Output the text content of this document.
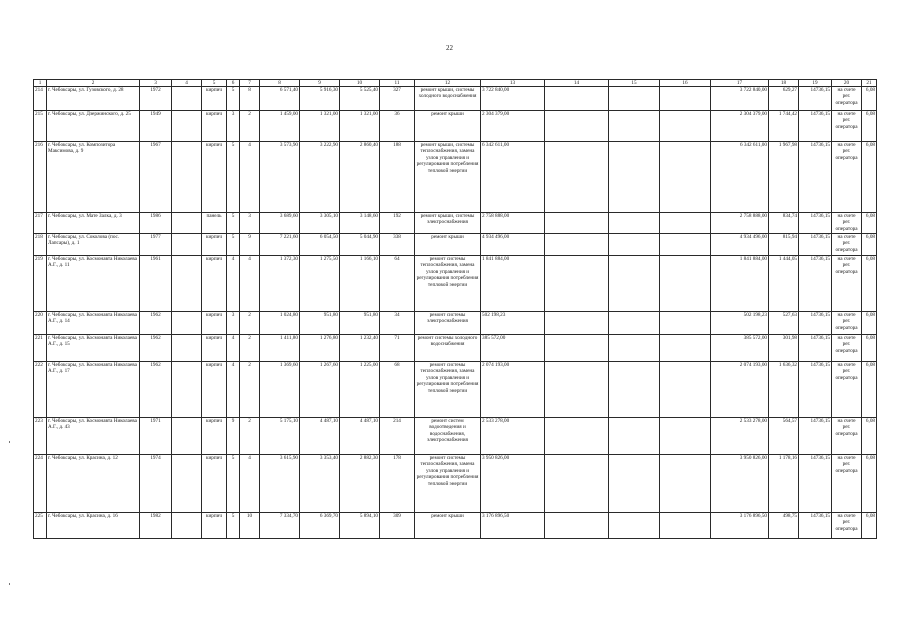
22
1	2	3	4	5	6	7	8	9	10	11	12	13	14	15	16	17	18	19	20	21
214	г. Чебоксары, ул. Гузовского, д. 28	1972		кирпич	5	8	6 571,40	5 916,30	5 525,40	327	ремонт крыши, системы холодного водоснабжения	3 722 840,00				3 722 840,00	629,27	14736,15	на счете рег. оператора	6,08
215	г. Чебоксары, ул. Дзержинского, д. 25	1949		кирпич	3	2	1 459,00	1 321,00	1 321,00	36	ремонт крыши	2 304 379,00				2 304 379,00	1 744,42	14736,15	на счете рег. оператора	6,08
216	г. Чебоксары, ул. Композитора Максимова, д. 9	1967		кирпич	5	4	3 573,90	3 222,90	2 860,40	188	ремонт крыши, системы теплоснабжения, замена узлов управления и регулирования потребления тепловой энергии	6 342 611,00				6 342 611,00	1 967,98	14736,15	на счете рег. оператора	6,08
217	г. Чебоксары, ул. Мате Залка, д. 3	1986		панель	5	3	3 689,60	3 305,10	3 148,60	192	ремонт крыши, системы электроснабжения	2 758 888,00				2 758 888,00	834,74	14736,15	на счете рег. оператора	6,08
218	г. Чебоксары, ул. Соколова (пос. Лапсары), д. 1	1977		кирпич	5	9	7 221,60	6 054,50	5 044,90	338	ремонт крыши	4 934 496,00				4 934 496,00	815,94	14736,15	на счете рег. оператора	6,08
219	г. Чебоксары, ул. Космонавта Николаева А.Г., д. 11	1961		кирпич	4	4	1 372,30	1 275,50	1 166,10	64	ремонт системы теплоснабжения, замена узлов управления и регулирования потребления тепловой энергии	1 841 884,00				1 841 884,00	1 444,05	14736,15	на счете рег. оператора	6,08
220	г. Чебоксары, ул. Космонавта Николаева А.Г., д. 14	1962		кирпич	3	2	1 024,80	951,80	951,80	34	ремонт системы электроснабжения	502 198,23				502 198,23	527,63	14736,15	на счете рег. оператора	6,08
221	г. Чебоксары, ул. Космонавта Николаева А.Г., д. 15	1962		кирпич	4	2	1 411,80	1 276,80	1 232,40	71	ремонт системы холодного водоснабжения	385 572,00				385 572,00	301,98	14736,15	на счете рег. оператора	6,08
222	г. Чебоксары, ул. Космонавта Николаева А.Г., д. 17	1962		кирпич	4	2	1 369,60	1 267,60	1 225,00	68	ремонт системы теплоснабжения, замена узлов управления и регулирования потребления тепловой энергии	2 074 193,00				2 074 193,00	1 636,32	14736,15	на счете рег. оператора	6,08
223	г. Чебоксары, ул. Космонавта Николаева А.Г., д. 43	1971		кирпич	9	2	5 175,10	4 487,10	4 487,10	214	ремонт систем водоотведения и водоснабжения, электроснабжения	2 533 278,00				2 533 278,00	564,57	14736,15	на счете рег. оператора	6,08
224	г. Чебоксары, ул. Красина, д. 12	1974		кирпич	5	4	3 615,90	3 353,40	2 882,30	178	ремонт системы теплоснабжения, замена узлов управления и регулирования потребления тепловой энергии	3 950 826,00				3 950 826,00	1 178,16	14736,15	на счете рег. оператора	6,08
225	г. Чебоксары, ул. Красина, д. 16	1982		кирпич	5	10	7 334,70	6 369,70	5 894,10	309	ремонт крыши	3 176 896,50				3 176 896,50	498,75	14736,15	на счете рег. оператора	6,08
